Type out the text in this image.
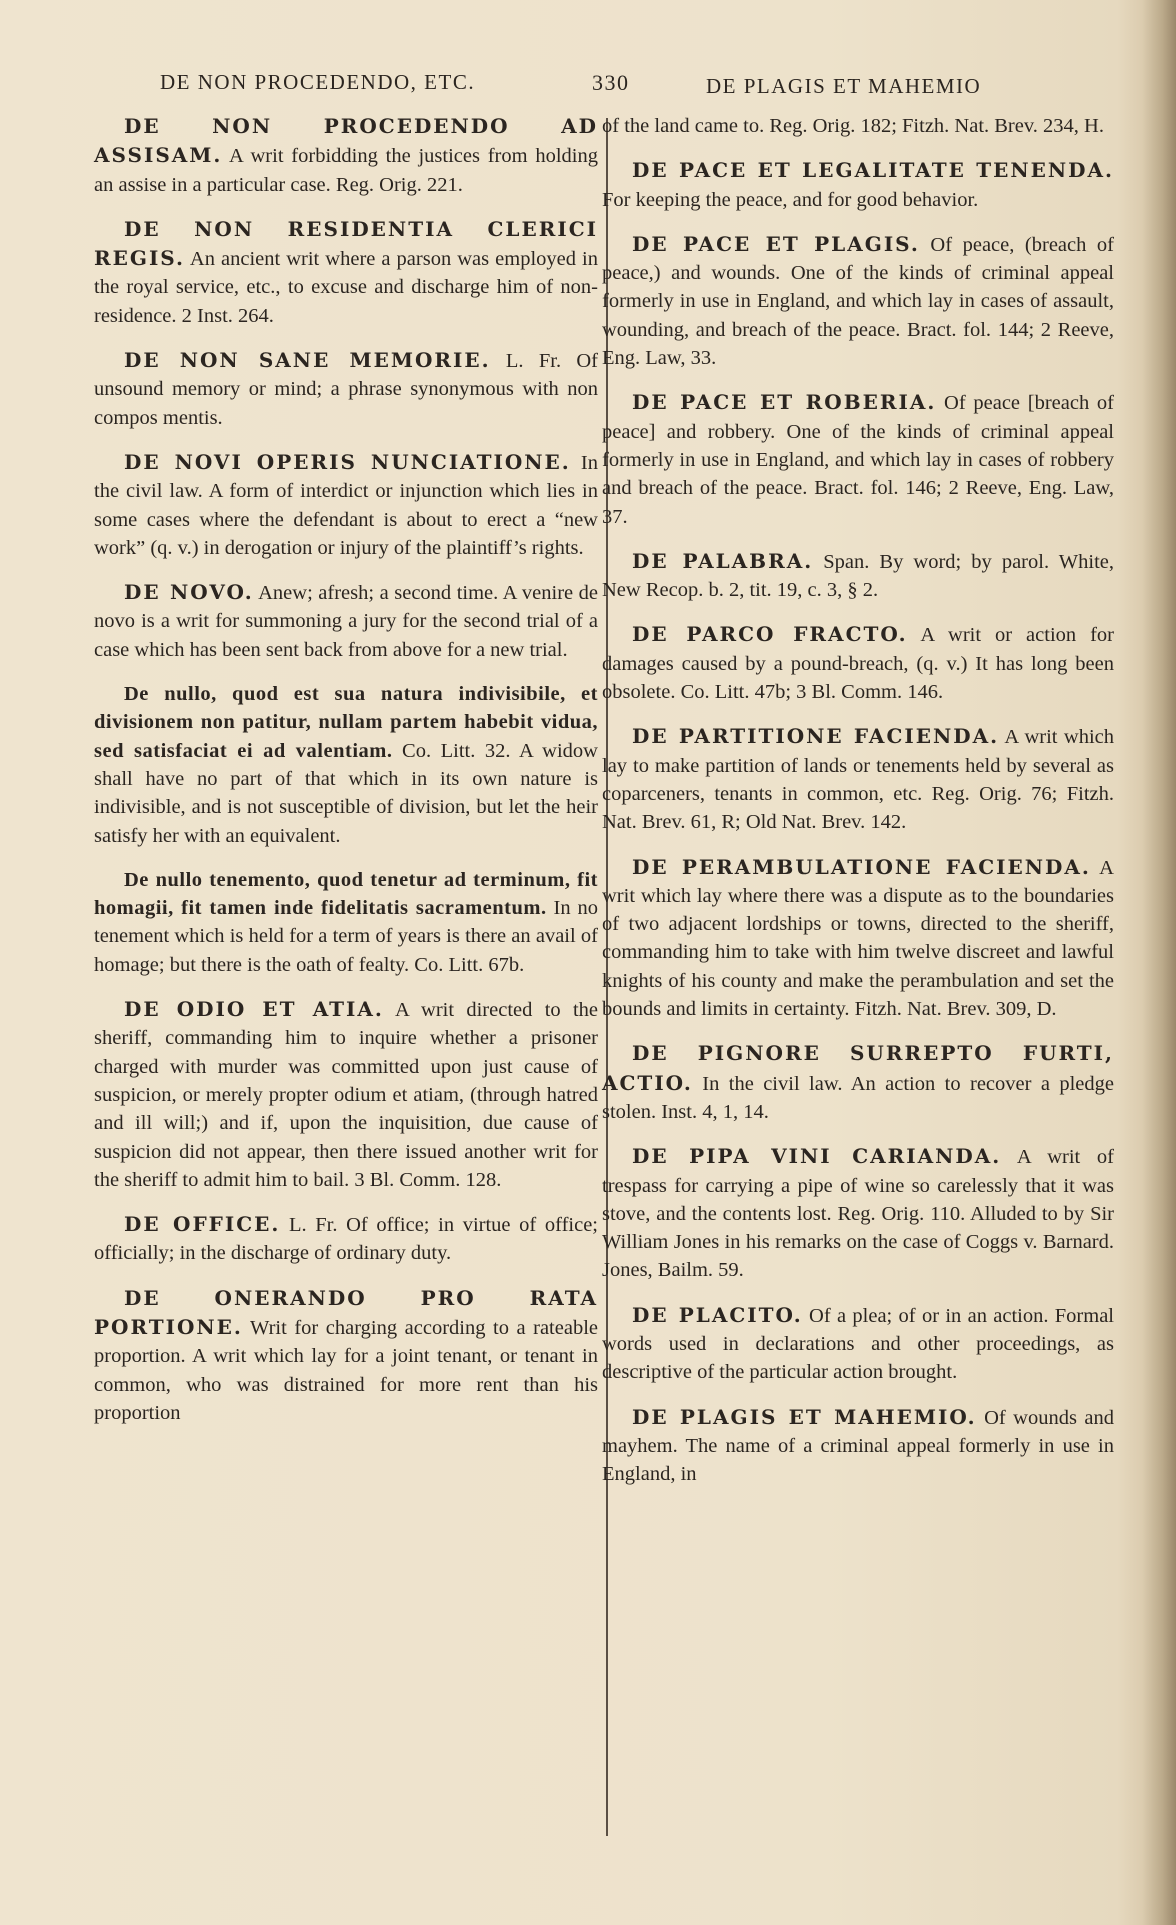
DE NON PROCEDENDO, ETC.	330	DE PLAGIS ET MAHEMIO

DE NON PROCEDENDO AD ASSISAM. A writ forbidding the justices from holding an assise in a particular case. Reg. Orig. 221.

DE NON RESIDENTIA CLERICI REGIS. An ancient writ where a parson was employed in the royal service, etc., to excuse and discharge him of non-residence. 2 Inst. 264.

DE NON SANE MEMORIE. L. Fr. Of unsound memory or mind; a phrase synonymous with non compos mentis.

DE NOVI OPERIS NUNCIATIONE. In the civil law. A form of interdict or injunction which lies in some cases where the defendant is about to erect a “new work” (q. v.) in derogation or injury of the plaintiff’s rights.

DE NOVO. Anew; afresh; a second time. A venire de novo is a writ for summoning a jury for the second trial of a case which has been sent back from above for a new trial.

De nullo, quod est sua natura indivisibile, et divisionem non patitur, nullam partem habebit vidua, sed satisfaciat ei ad valentiam. Co. Litt. 32. A widow shall have no part of that which in its own nature is indivisible, and is not susceptible of division, but let the heir satisfy her with an equivalent.

De nullo tenemento, quod tenetur ad terminum, fit homagii, fit tamen inde fidelitatis sacramentum. In no tenement which is held for a term of years is there an avail of homage; but there is the oath of fealty. Co. Litt. 67b.

DE ODIO ET ATIA. A writ directed to the sheriff, commanding him to inquire whether a prisoner charged with murder was committed upon just cause of suspicion, or merely propter odium et atiam, (through hatred and ill will;) and if, upon the inquisition, due cause of suspicion did not appear, then there issued another writ for the sheriff to admit him to bail. 3 Bl. Comm. 128.

DE OFFICE. L. Fr. Of office; in virtue of office; officially; in the discharge of ordinary duty.

DE ONERANDO PRO RATA PORTIONE. Writ for charging according to a rateable proportion. A writ which lay for a joint tenant, or tenant in common, who was distrained for more rent than his proportion

of the land came to. Reg. Orig. 182; Fitzh. Nat. Brev. 234, H.

DE PACE ET LEGALITATE TENENDA. For keeping the peace, and for good behavior.

DE PACE ET PLAGIS. Of peace, (breach of peace,) and wounds. One of the kinds of criminal appeal formerly in use in England, and which lay in cases of assault, wounding, and breach of the peace. Bract. fol. 144; 2 Reeve, Eng. Law, 33.

DE PACE ET ROBERIA. Of peace [breach of peace] and robbery. One of the kinds of criminal appeal formerly in use in England, and which lay in cases of robbery and breach of the peace. Bract. fol. 146; 2 Reeve, Eng. Law, 37.

DE PALABRA. Span. By word; by parol. White, New Recop. b. 2, tit. 19, c. 3, § 2.

DE PARCO FRACTO. A writ or action for damages caused by a pound-breach, (q. v.) It has long been obsolete. Co. Litt. 47b; 3 Bl. Comm. 146.

DE PARTITIONE FACIENDA. A writ which lay to make partition of lands or tenements held by several as coparceners, tenants in common, etc. Reg. Orig. 76; Fitzh. Nat. Brev. 61, R; Old Nat. Brev. 142.

DE PERAMBULATIONE FACIENDA. A writ which lay where there was a dispute as to the boundaries of two adjacent lordships or towns, directed to the sheriff, commanding him to take with him twelve discreet and lawful knights of his county and make the perambulation and set the bounds and limits in certainty. Fitzh. Nat. Brev. 309, D.

DE PIGNORE SURREPTO FURTI, ACTIO. In the civil law. An action to recover a pledge stolen. Inst. 4, 1, 14.

DE PIPA VINI CARIANDA. A writ of trespass for carrying a pipe of wine so carelessly that it was stove, and the contents lost. Reg. Orig. 110. Alluded to by Sir William Jones in his remarks on the case of Coggs v. Barnard. Jones, Bailm. 59.

DE PLACITO. Of a plea; of or in an action. Formal words used in declarations and other proceedings, as descriptive of the particular action brought.

DE PLAGIS ET MAHEMIO. Of wounds and mayhem. The name of a criminal appeal formerly in use in England, in
